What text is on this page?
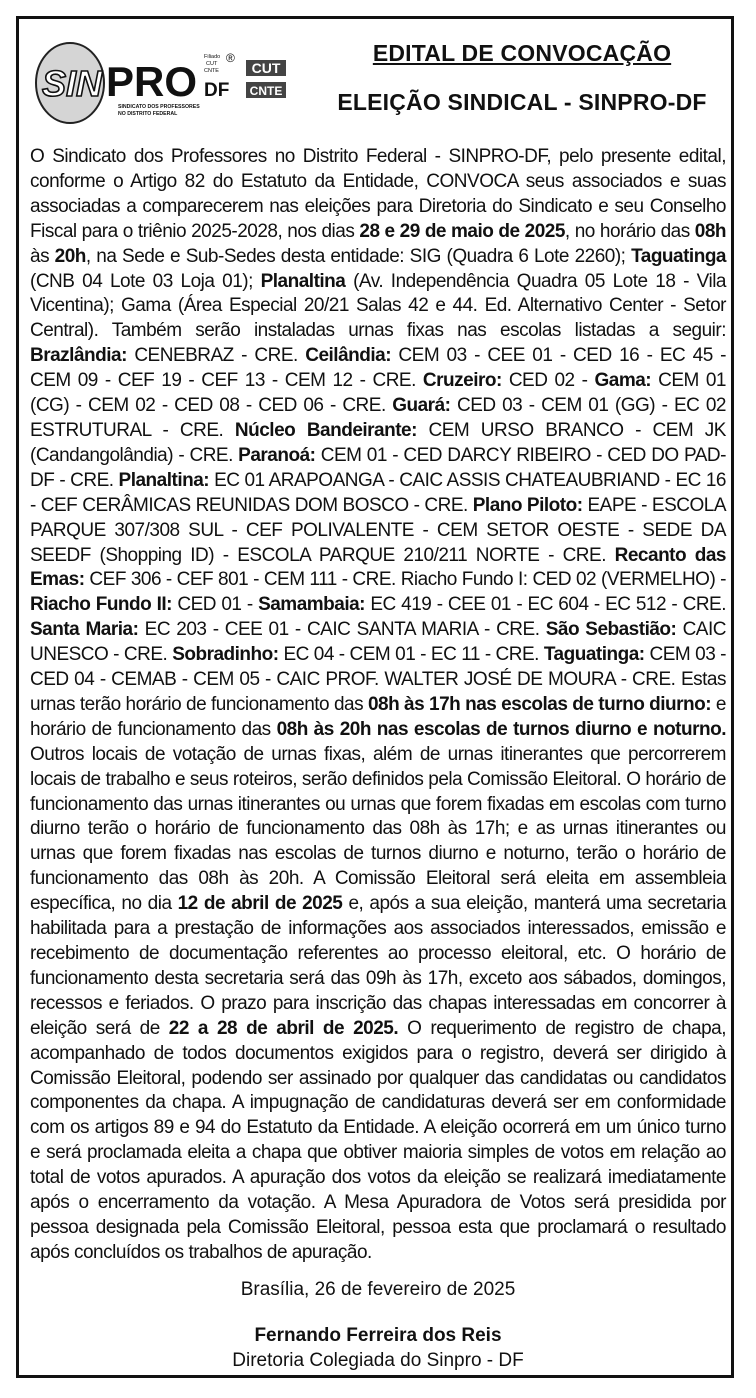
SIN PRO
Filiado
CUT
CNTE
®
DF
SINDICATO DOS PROFESSORES
NO DISTRITO FEDERAL
CUT
CNTE
EDITAL DE CONVOCAÇÃO
ELEIÇÃO SINDICAL - SINPRO-DF
O Sindicato dos Professores no Distrito Federal - SINPRO-DF, pelo presente edital, conforme o Artigo 82 do Estatuto da Entidade, CONVOCA seus associados e suas associadas a comparecerem nas eleições para Diretoria do Sindicato e seu Conselho Fiscal para o triênio 2025-2028, nos dias 28 e 29 de maio de 2025, no horário das 08h às 20h, na Sede e Sub-Sedes desta entidade: SIG (Quadra 6 Lote 2260); Taguatinga (CNB 04 Lote 03 Loja 01); Planaltina (Av. Independência Quadra 05 Lote 18 - Vila Vicentina); Gama (Área Especial 20/21 Salas 42 e 44. Ed. Alternativo Center - Setor Central). Também serão instaladas urnas fixas nas escolas listadas a seguir: Brazlândia: CENEBRAZ - CRE. Ceilândia: CEM 03 - CEE 01 - CED 16 - EC 45 - CEM 09 - CEF 19 - CEF 13 - CEM 12 - CRE. Cruzeiro: CED 02 - Gama: CEM 01 (CG) - CEM 02 - CED 08 - CED 06 - CRE. Guará: CED 03 - CEM 01 (GG) - EC 02 ESTRUTURAL - CRE. Núcleo Bandeirante: CEM URSO BRANCO - CEM JK (Candangolândia) - CRE. Paranoá: CEM 01 - CED DARCY RIBEIRO - CED DO PAD-DF - CRE. Planaltina: EC 01 ARAPOANGA - CAIC ASSIS CHATEAUBRIAND - EC 16 - CEF CERÂMICAS REUNIDAS DOM BOSCO - CRE. Plano Piloto: EAPE - ESCOLA PARQUE 307/308 SUL - CEF POLIVALENTE - CEM SETOR OESTE - SEDE DA SEEDF (Shopping ID) - ESCOLA PARQUE 210/211 NORTE - CRE. Recanto das Emas: CEF 306 - CEF 801 - CEM 111 - CRE. Riacho Fundo I: CED 02 (VERMELHO) - Riacho Fundo II: CED 01 - Samambaia: EC 419 - CEE 01 - EC 604 - EC 512 - CRE. Santa Maria: EC 203 - CEE 01 - CAIC SANTA MARIA - CRE. São Sebastião: CAIC UNESCO - CRE. Sobradinho: EC 04 - CEM 01 - EC 11 - CRE. Taguatinga: CEM 03 - CED 04 - CEMAB - CEM 05 - CAIC PROF. WALTER JOSÉ DE MOURA - CRE. Estas urnas terão horário de funcionamento das 08h às 17h nas escolas de turno diurno: e horário de funcionamento das 08h às 20h nas escolas de turnos diurno e noturno. Outros locais de votação de urnas fixas, além de urnas itinerantes que percorrerem locais de trabalho e seus roteiros, serão definidos pela Comissão Eleitoral. O horário de funcionamento das urnas itinerantes ou urnas que forem fixadas em escolas com turno diurno terão o horário de funcionamento das 08h às 17h; e as urnas itinerantes ou urnas que forem fixadas nas escolas de turnos diurno e noturno, terão o horário de funcionamento das 08h às 20h. A Comissão Eleitoral será eleita em assembleia específica, no dia 12 de abril de 2025 e, após a sua eleição, manterá uma secretaria habilitada para a prestação de informações aos associados interessados, emissão e recebimento de documentação referentes ao processo eleitoral, etc. O horário de funcionamento desta secretaria será das 09h às 17h, exceto aos sábados, domingos, recessos e feriados. O prazo para inscrição das chapas interessadas em concorrer à eleição será de 22 a 28 de abril de 2025. O requerimento de registro de chapa, acompanhado de todos documentos exigidos para o registro, deverá ser dirigido à Comissão Eleitoral, podendo ser assinado por qualquer das candidatas ou candidatos componentes da chapa. A impugnação de candidaturas deverá ser em conformidade com os artigos 89 e 94 do Estatuto da Entidade. A eleição ocorrerá em um único turno e será proclamada eleita a chapa que obtiver maioria simples de votos em relação ao total de votos apurados. A apuração dos votos da eleição se realizará imediatamente após o encerramento da votação. A Mesa Apuradora de Votos será presidida por pessoa designada pela Comissão Eleitoral, pessoa esta que proclamará o resultado após concluídos os trabalhos de apuração.
Brasília, 26 de fevereiro de 2025
Fernando Ferreira dos Reis
Diretoria Colegiada do Sinpro - DF
